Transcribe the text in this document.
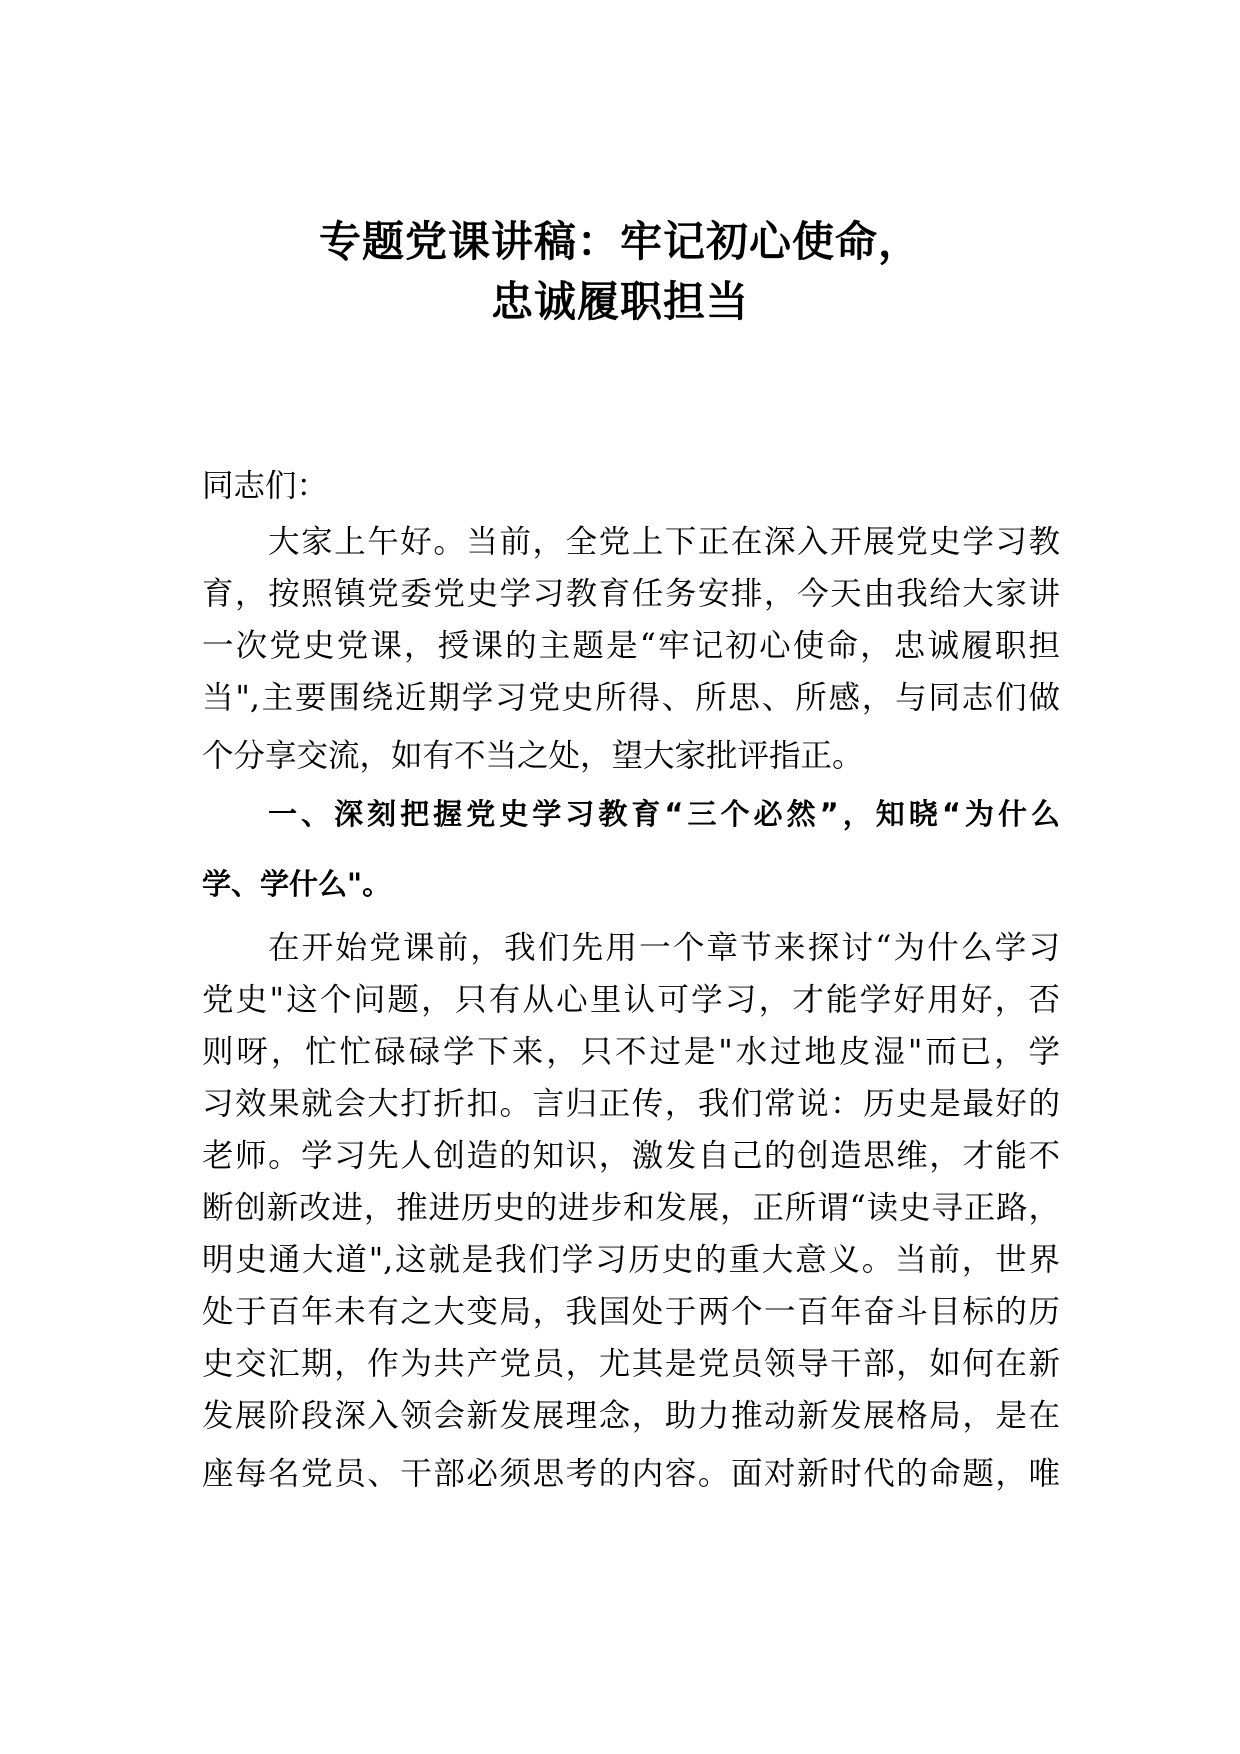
专题党课讲稿：牢记初心使命，
忠诚履职担当
同志们：
大家上午好。当前，全党上下正在深入开展党史学习教
育，按照镇党委党史学习教育任务安排，今天由我给大家讲
一次党史党课，授课的主题是“牢记初心使命，忠诚履职担
当",主要围绕近期学习党史所得、所思、所感，与同志们做
个分享交流，如有不当之处，望大家批评指正。
一、深刻把握党史学习教育“三个必然”，知晓“为什么
学、学什么"。
在开始党课前，我们先用一个章节来探讨“为什么学习
党史"这个问题，只有从心里认可学习，才能学好用好，否
则呀，忙忙碌碌学下来，只不过是"水过地皮湿"而已，学
习效果就会大打折扣。言归正传，我们常说：历史是最好的
老师。学习先人创造的知识，激发自己的创造思维，才能不
断创新改进，推进历史的进步和发展，正所谓“读史寻正路，
明史通大道",这就是我们学习历史的重大意义。当前，世界
处于百年未有之大变局，我国处于两个一百年奋斗目标的历
史交汇期，作为共产党员，尤其是党员领导干部，如何在新
发展阶段深入领会新发展理念，助力推动新发展格局，是在
座每名党员、干部必须思考的内容。面对新时代的命题，唯
